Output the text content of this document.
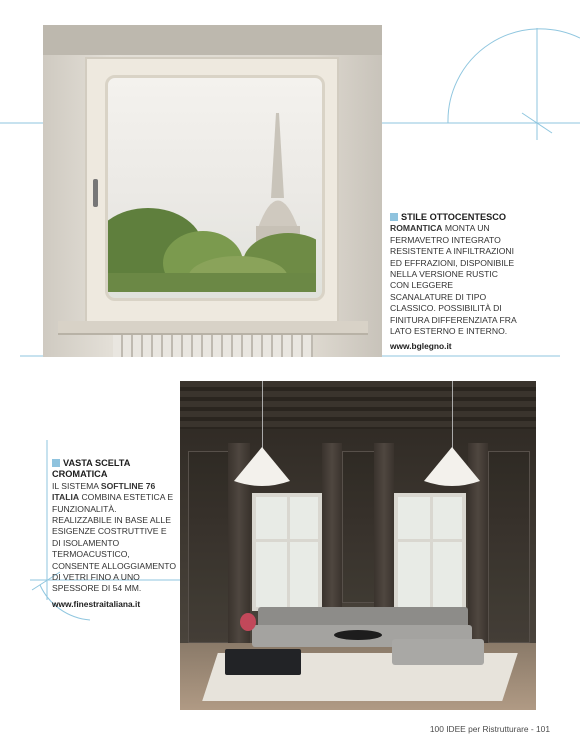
STILE OTTOCENTESCO
ROMANTICA MONTA UN FERMAVETRO INTEGRATO RESISTENTE A INFILTRAZIONI ED EFFRAZIONI, DISPONIBILE NELLA VERSIONE RUSTIC CON LEGGERE SCANALATURE DI TIPO CLASSICO. POSSIBILITÀ DI FINITURA DIFFERENZIATA FRA LATO ESTERNO E INTERNO.
www.bglegno.it
VASTA SCELTA CROMATICA
IL SISTEMA SOFTLINE 76 ITALIA COMBINA ESTETICA E FUNZIONALITÀ. REALIZZABILE IN BASE ALLE ESIGENZE COSTRUTTIVE E DI ISOLAMENTO TERMOACUSTICO, CONSENTE ALLOGGIAMENTO DI VETRI FINO A UNO SPESSORE DI 54 MM.
www.finestraitaliana.it
100 IDEE per Ristrutturare - 101
